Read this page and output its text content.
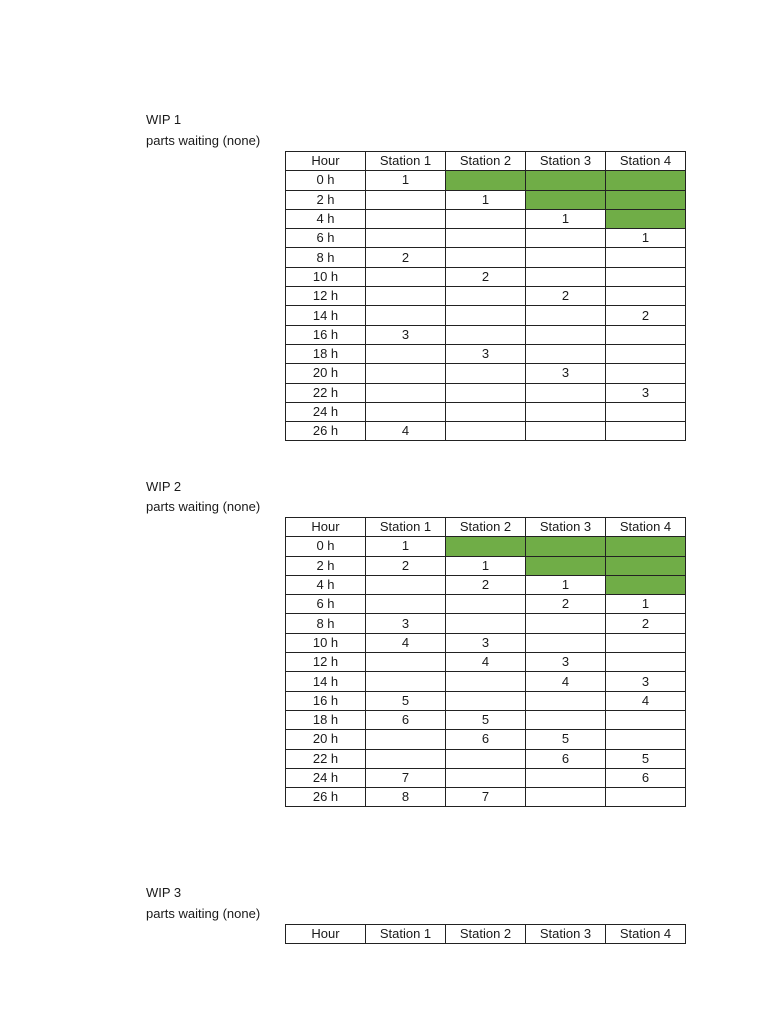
WIP 1
parts waiting (none)
Hour	Station 1	Station 2	Station 3	Station 4
0 h	1			
2 h		1		
4 h			1	
6 h				1
8 h	2			
10 h		2		
12 h			2	
14 h				2
16 h	3			
18 h		3		
20 h			3	
22 h				3
24 h				
26 h	4			
WIP 2
parts waiting (none)
Hour	Station 1	Station 2	Station 3	Station 4
0 h	1			
2 h	2	1		
4 h		2	1	
6 h			2	1
8 h	3			2
10 h	4	3		
12 h		4	3	
14 h			4	3
16 h	5			4
18 h	6	5		
20 h		6	5	
22 h			6	5
24 h	7			6
26 h	8	7		
WIP 3
parts waiting (none)
Hour	Station 1	Station 2	Station 3	Station 4
